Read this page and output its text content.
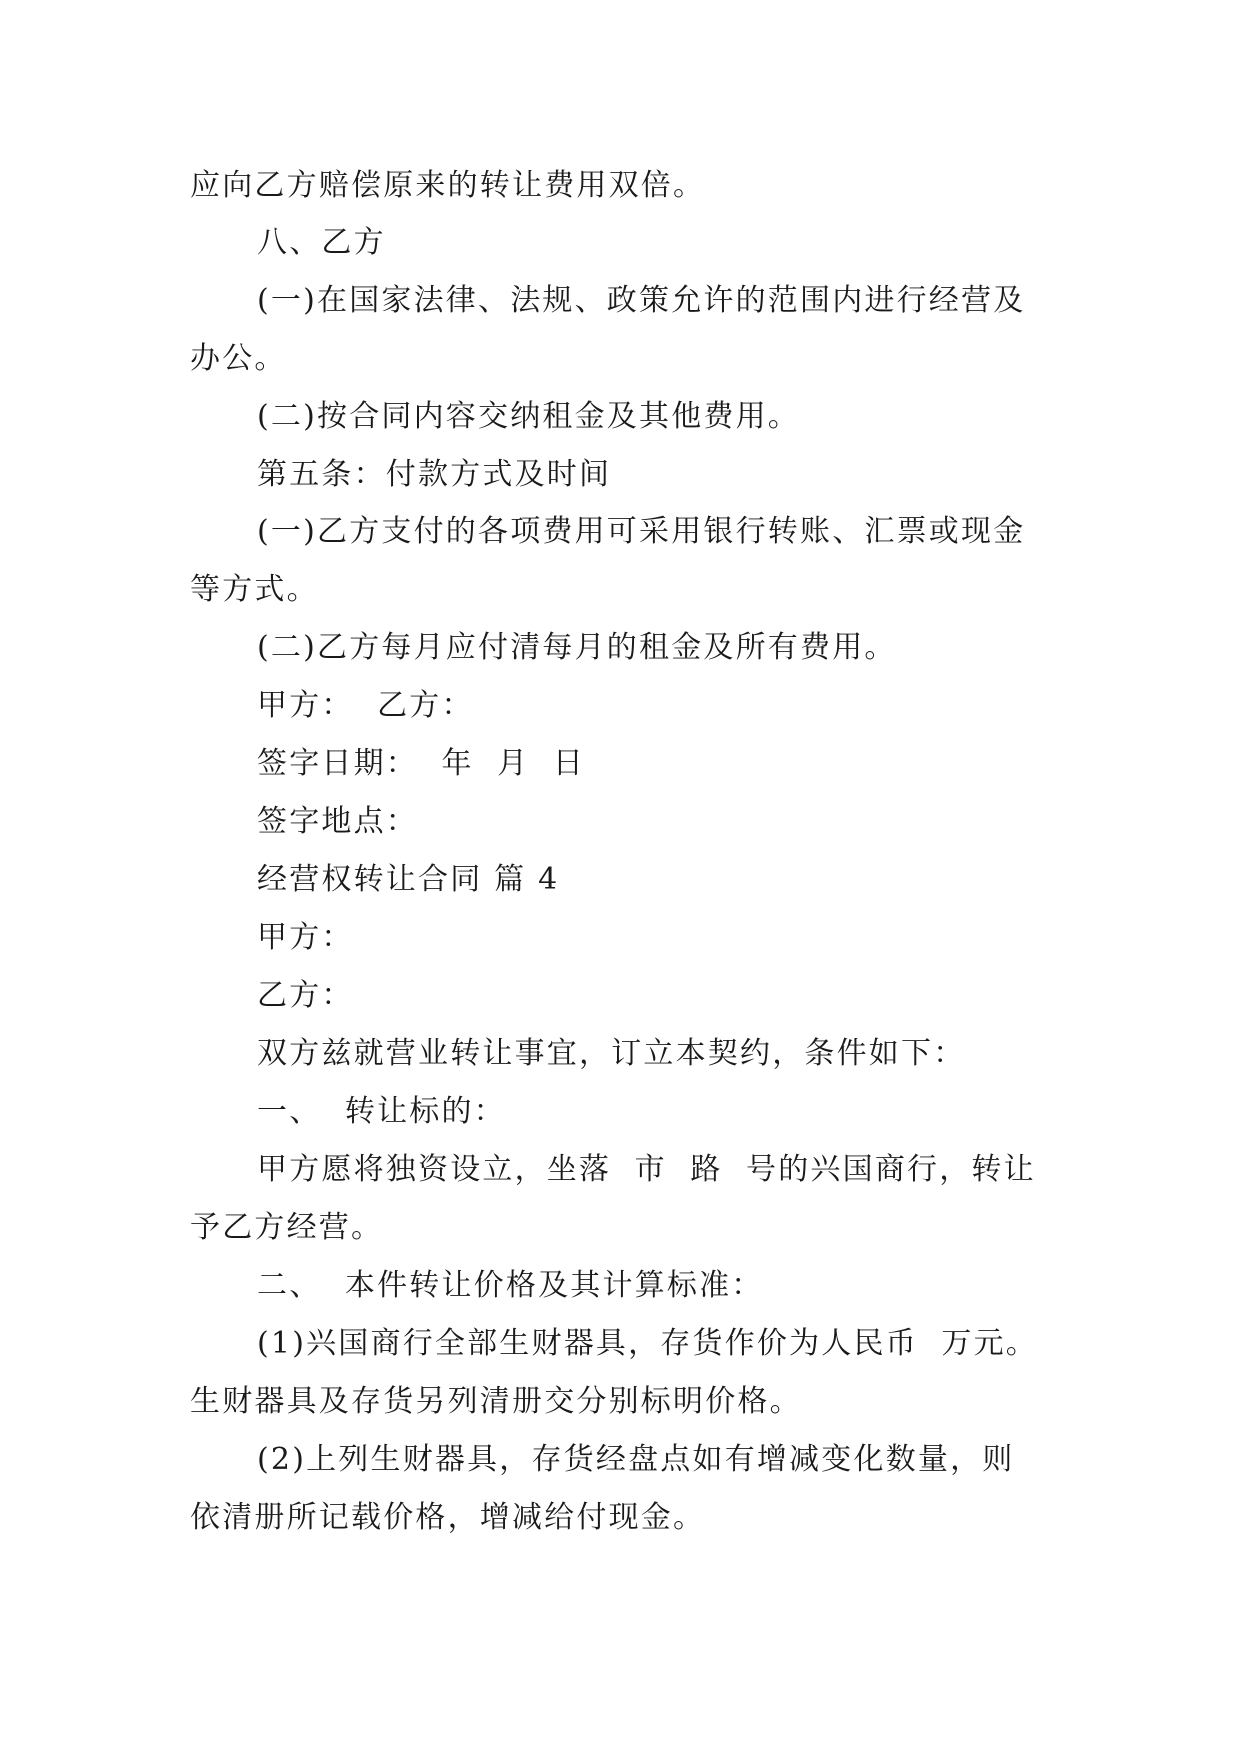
应向乙方赔偿原来的转让费用双倍。
八、乙方
(一)在国家法律、法规、政策允许的范围内进行经营及
办公。
(二)按合同内容交纳租金及其他费用。
第五条：付款方式及时间
(一)乙方支付的各项费用可采用银行转账、汇票或现金
等方式。
(二)乙方每月应付清每月的租金及所有费用。
甲方：  乙方：
签字日期：  年  月  日
签字地点：
经营权转让合同 篇 4
甲方：
乙方：
双方兹就营业转让事宜，订立本契约，条件如下：
一、  转让标的：
甲方愿将独资设立，坐落  市  路  号的兴国商行，转让
予乙方经营。
二、  本件转让价格及其计算标准：
(1)兴国商行全部生财器具，存货作价为人民币  万元。
生财器具及存货另列清册交分别标明价格。
(2)上列生财器具，存货经盘点如有增减变化数量，则
依清册所记载价格，增减给付现金。
